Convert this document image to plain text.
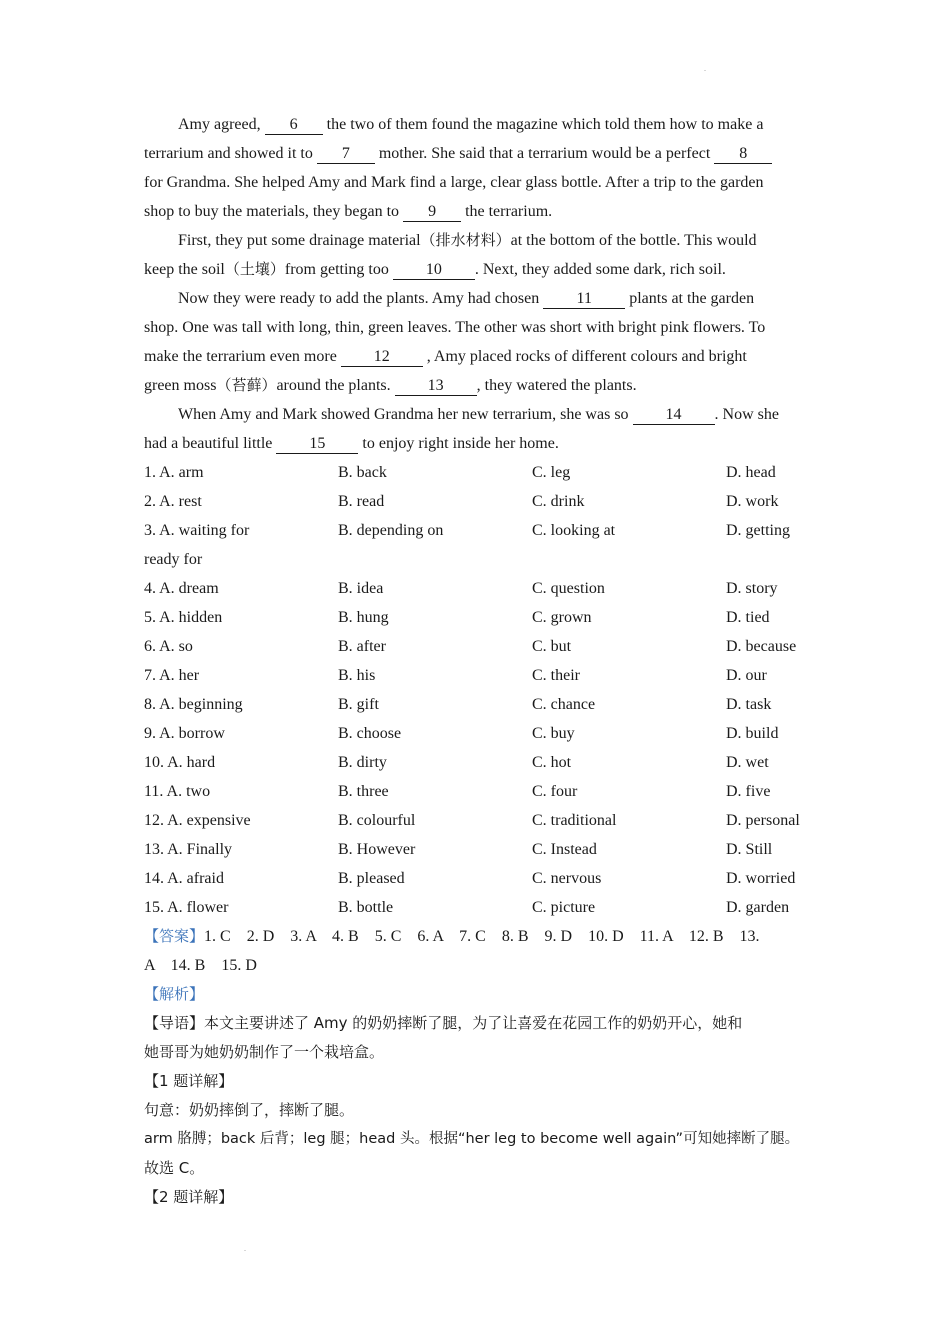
.
Amy agreed, 6 the two of them found the magazine which told them how to make a
terrarium and showed it to 7 mother. She said that a terrarium would be a perfect 8
for Grandma. She helped Amy and Mark find a large, clear glass bottle. After a trip to the garden
shop to buy the materials, they began to 9 the terrarium.
First, they put some drainage material（排水材料）at the bottom of the bottle. This would
keep the soil（土壤）from getting too 10 . Next, they added some dark, rich soil.
Now they were ready to add the plants. Amy had chosen 11 plants at the garden
shop. One was tall with long, thin, green leaves. The other was short with bright pink flowers. To
make the terrarium even more 12 , Amy placed rocks of different colours and bright
green moss（苔藓）around the plants. 13 , they watered the plants.
When Amy and Mark showed Grandma her new terrarium, she was so 14 . Now she
had a beautiful little 15 to enjoy right inside her home.
1. A. arm	B. back	C. leg	D. head
2. A. rest	B. read	C. drink	D. work
3. A. waiting for	B. depending on	C. looking at	D. getting
ready for
4. A. dream	B. idea	C. question	D. story
5. A. hidden	B. hung	C. grown	D. tied
6. A. so	B. after	C. but	D. because
7. A. her	B. his	C. their	D. our
8. A. beginning	B. gift	C. chance	D. task
9. A. borrow	B. choose	C. buy	D. build
10. A. hard	B. dirty	C. hot	D. wet
11. A. two	B. three	C. four	D. five
12. A. expensive	B. colourful	C. traditional	D. personal
13. A. Finally	B. However	C. Instead	D. Still
14. A. afraid	B. pleased	C. nervous	D. worried
15. A. flower	B. bottle	C. picture	D. garden
【答案】1. C    2. D    3. A    4. B    5. C    6. A    7. C    8. B    9. D    10. D    11. A    12. B    13.
A    14. B    15. D
【解析】
【导语】本文主要讲述了 Amy 的奶奶摔断了腿，为了让喜爱在花园工作的奶奶开心，她和
她哥哥为她奶奶制作了一个栽培盒。
【1 题详解】
句意：奶奶摔倒了，摔断了腿。
arm 胳膊；back 后背；leg 腿；head 头。根据“her leg to become well again”可知她摔断了腿。
故选 C。
【2 题详解】
.
